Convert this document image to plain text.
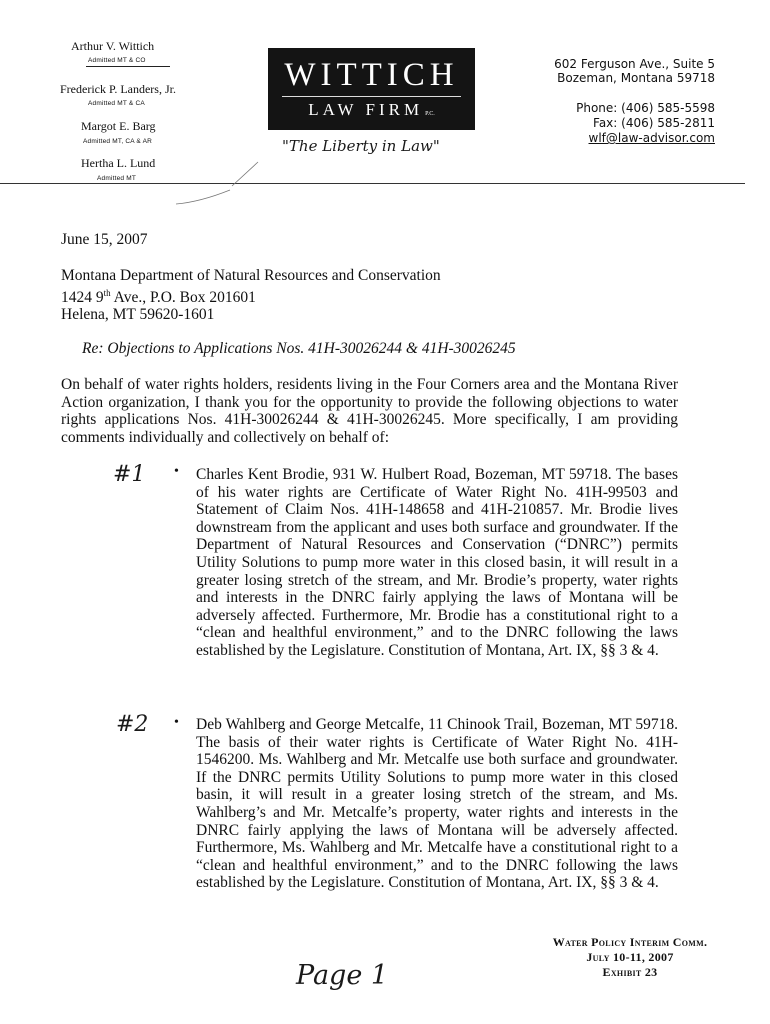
Arthur V. Wittich
Admitted MT & CO
Frederick P. Landers, Jr.
Admitted MT & CA
Margot E. Barg
Admitted MT, CA & AR
Hertha L. Lund
Admitted MT
WITTICH
LAW FIRM P.C.
"The Liberty in Law"
602 Ferguson Ave., Suite 5
Bozeman, Montana 59718
Phone: (406) 585-5598
Fax: (406) 585-2811
wlf@law-advisor.com
June 15, 2007
Montana Department of Natural Resources and Conservation
1424 9th Ave., P.O. Box 201601
Helena, MT 59620-1601
Re: Objections to Applications Nos. 41H-30026244 & 41H-30026245
On behalf of water rights holders, residents living in the Four Corners area and the Montana River Action organization, I thank you for the opportunity to provide the following objections to water rights applications Nos. 41H-30026244 & 41H-30026245. More specifically, I am providing comments individually and collectively on behalf of:
#1 • Charles Kent Brodie, 931 W. Hulbert Road, Bozeman, MT 59718. The bases of his water rights are Certificate of Water Right No. 41H-99503 and Statement of Claim Nos. 41H-148658 and 41H-210857. Mr. Brodie lives downstream from the applicant and uses both surface and groundwater. If the Department of Natural Resources and Conservation (“DNRC”) permits Utility Solutions to pump more water in this closed basin, it will result in a greater losing stretch of the stream, and Mr. Brodie’s property, water rights and interests in the DNRC fairly applying the laws of Montana will be adversely affected. Furthermore, Mr. Brodie has a constitutional right to a “clean and healthful environment,” and to the DNRC following the laws established by the Legislature. Constitution of Montana, Art. IX, §§ 3 & 4.
#2 • Deb Wahlberg and George Metcalfe, 11 Chinook Trail, Bozeman, MT 59718. The basis of their water rights is Certificate of Water Right No. 41H-1546200. Ms. Wahlberg and Mr. Metcalfe use both surface and groundwater. If the DNRC permits Utility Solutions to pump more water in this closed basin, it will result in a greater losing stretch of the stream, and Ms. Wahlberg’s and Mr. Metcalfe’s property, water rights and interests in the DNRC fairly applying the laws of Montana will be adversely affected. Furthermore, Ms. Wahlberg and Mr. Metcalfe have a constitutional right to a “clean and healthful environment,” and to the DNRC following the laws established by the Legislature. Constitution of Montana, Art. IX, §§ 3 & 4.
Water Policy Interim Comm.
July 10-11, 2007
Exhibit 23
Page 1
